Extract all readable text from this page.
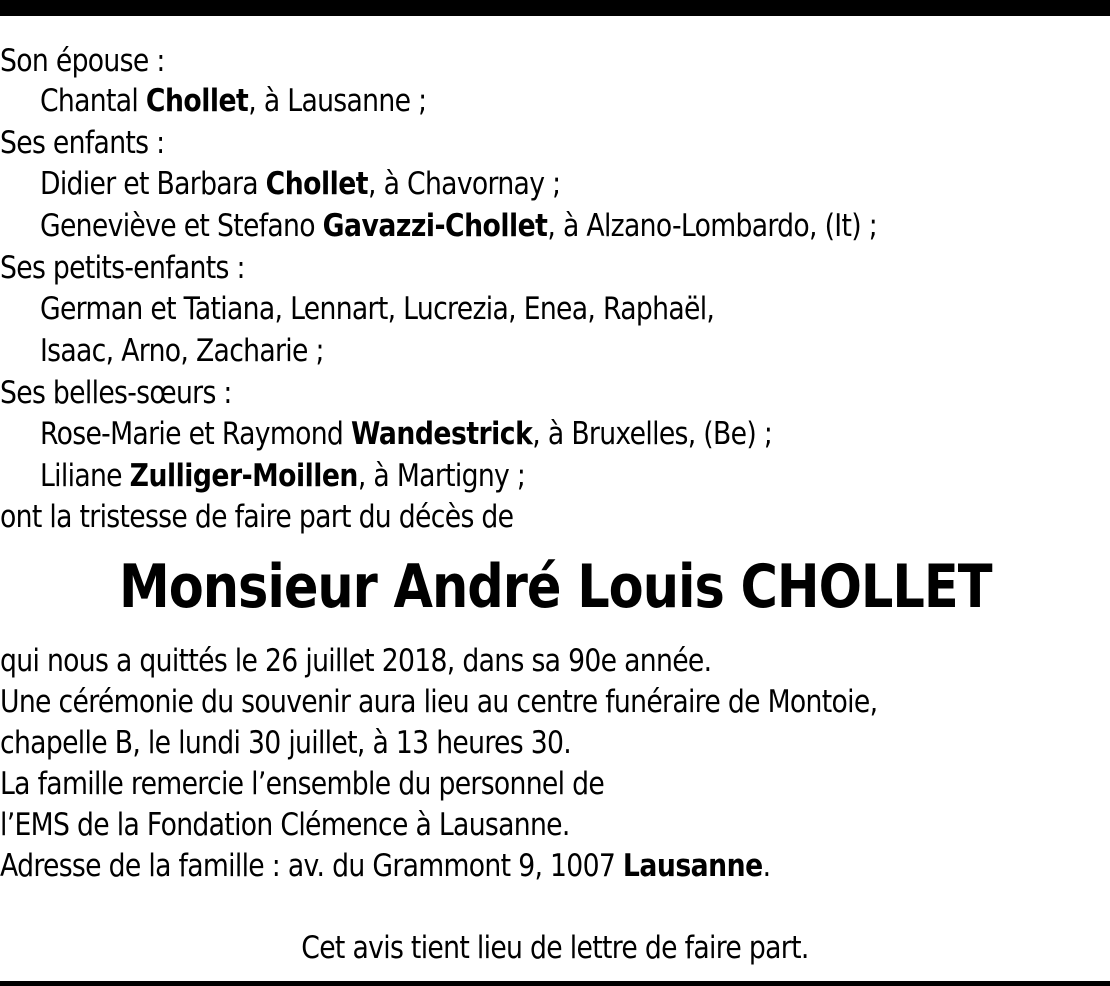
Son épouse :
Chantal Chollet, à Lausanne ;
Ses enfants :
Didier et Barbara Chollet, à Chavornay ;
Geneviève et Stefano Gavazzi-Chollet, à Alzano-Lombardo, (It) ;
Ses petits-enfants :
German et Tatiana, Lennart, Lucrezia, Enea, Raphaël,
Isaac, Arno, Zacharie ;
Ses belles-sœurs :
Rose-Marie et Raymond Wandestrick, à Bruxelles, (Be) ;
Liliane Zulliger-Moillen, à Martigny ;
ont la tristesse de faire part du décès de
Monsieur André Louis CHOLLET
qui nous a quittés le 26 juillet 2018, dans sa 90e année.
Une cérémonie du souvenir aura lieu au centre funéraire de Montoie,
chapelle B, le lundi 30 juillet, à 13 heures 30.
La famille remercie l’ensemble du personnel de
l’EMS de la Fondation Clémence à Lausanne.
Adresse de la famille : av. du Grammont 9, 1007 Lausanne.
Cet avis tient lieu de lettre de faire part.
